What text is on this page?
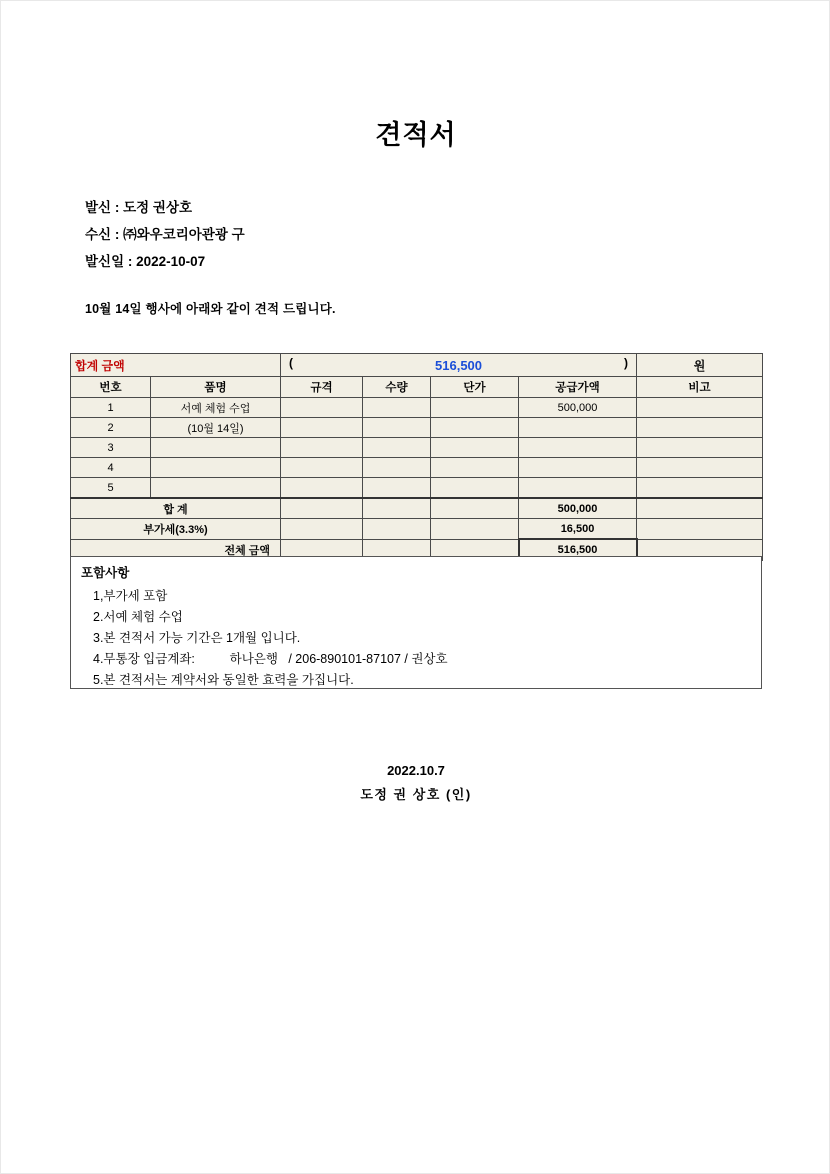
견적서
발신 : 도정 권상호
수신 : ㈜와우코리아관광 구
발신일 : 2022-10-07
10월 14일 행사에 아래와 같이 견적 드립니다.
합계 금액		( 516,500 )				원
번호	품명	규격	수량	단가	공급가액	비고
1	서예 체험 수업				500,000	
2	(10월 14일)					
3						
4						
5						
합 계					500,000	
부가세(3.3%)					16,500	
전체 금액					516,500	
포함사항
1,부가세 포함
2.서예 체험 수업
3.본 견적서 가능 기간은 1개월 입니다.
4.무통장 입금계좌:          하나은행   / 206-890101-87107 / 권상호
5.본 견적서는 계약서와 동일한 효력을 가집니다.
2022.10.7
도정 권 상호 (인)
